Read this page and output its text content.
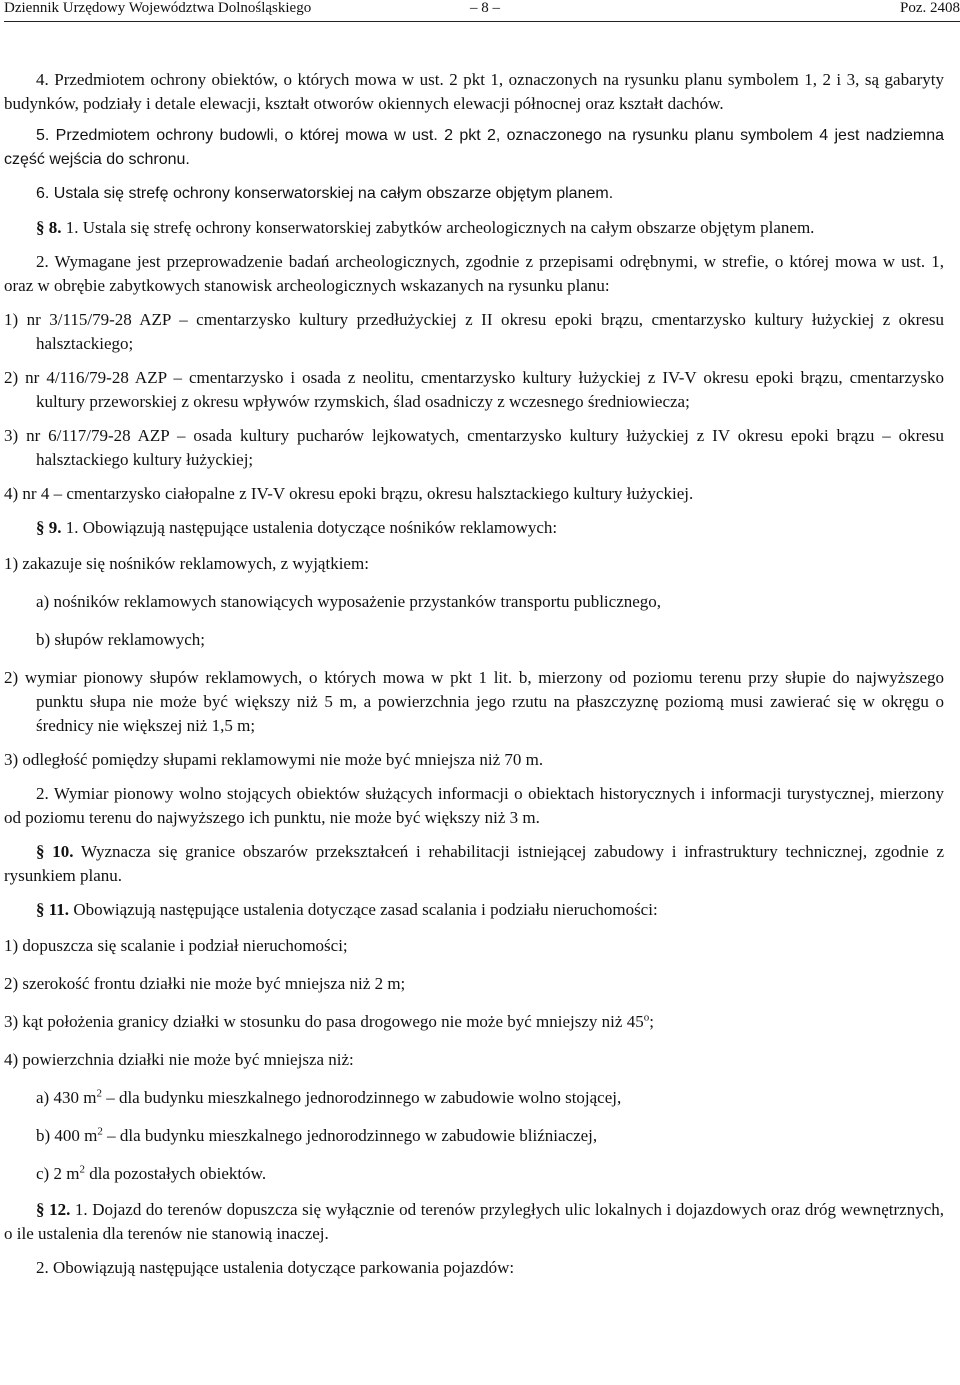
Dziennik Urzędowy Województwa Dolnośląskiego	– 8 –	Poz. 2408

4. Przedmiotem ochrony obiektów, o których mowa w ust. 2 pkt 1, oznaczonych na rysunku planu symbolem 1, 2 i 3, są gabaryty budynków, podziały i detale elewacji, kształt otworów okiennych elewacji północnej oraz kształt dachów.

5. Przedmiotem ochrony budowli, o której mowa w ust. 2 pkt 2, oznaczonego na rysunku planu symbolem 4 jest nadziemna część wejścia do schronu.

6. Ustala się strefę ochrony konserwatorskiej na całym obszarze objętym planem.

§ 8. 1. Ustala się strefę ochrony konserwatorskiej zabytków archeologicznych na całym obszarze objętym planem.

2. Wymagane jest przeprowadzenie badań archeologicznych, zgodnie z przepisami odrębnymi, w strefie, o której mowa w ust. 1, oraz w obrębie zabytkowych stanowisk archeologicznych wskazanych na rysunku planu:

1) nr 3/115/79-28 AZP – cmentarzysko kultury przedłużyckiej z II okresu epoki brązu, cmentarzysko kultury łużyckiej z okresu halsztackiego;

2) nr 4/116/79-28 AZP – cmentarzysko i osada z neolitu, cmentarzysko kultury łużyckiej z IV-V okresu epoki brązu, cmentarzysko kultury przeworskiej z okresu wpływów rzymskich, ślad osadniczy z wczesnego średniowiecza;

3) nr 6/117/79-28 AZP – osada kultury pucharów lejkowatych, cmentarzysko kultury łużyckiej z IV okresu epoki brązu – okresu halsztackiego kultury łużyckiej;

4) nr 4 – cmentarzysko ciałopalne z IV-V okresu epoki brązu, okresu halsztackiego kultury łużyckiej.

§ 9. 1. Obowiązują następujące ustalenia dotyczące nośników reklamowych:

1) zakazuje się nośników reklamowych, z wyjątkiem:

a) nośników reklamowych stanowiących wyposażenie przystanków transportu publicznego,

b) słupów reklamowych;

2) wymiar pionowy słupów reklamowych, o których mowa w pkt 1 lit. b, mierzony od poziomu terenu przy słupie do najwyższego punktu słupa nie może być większy niż 5 m, a powierzchnia jego rzutu na płaszczyznę poziomą musi zawierać się w okręgu o średnicy nie większej niż 1,5 m;

3) odległość pomiędzy słupami reklamowymi nie może być mniejsza niż 70 m.

2. Wymiar pionowy wolno stojących obiektów służących informacji o obiektach historycznych i informacji turystycznej, mierzony od poziomu terenu do najwyższego ich punktu, nie może być większy niż 3 m.

§ 10. Wyznacza się granice obszarów przekształceń i rehabilitacji istniejącej zabudowy i infrastruktury technicznej, zgodnie z rysunkiem planu.

§ 11. Obowiązują następujące ustalenia dotyczące zasad scalania i podziału nieruchomości:

1) dopuszcza się scalanie i podział nieruchomości;

2) szerokość frontu działki nie może być mniejsza niż 2 m;

3) kąt położenia granicy działki w stosunku do pasa drogowego nie może być mniejszy niż 45$^o$;

4) powierzchnia działki nie może być mniejsza niż:

a) 430 $m^2$ – dla budynku mieszkalnego jednorodzinnego w zabudowie wolno stojącej,

b) 400 $m^2$ – dla budynku mieszkalnego jednorodzinnego w zabudowie bliźniaczej,

c) 2 $m^2$ dla pozostałych obiektów.

§ 12. 1. Dojazd do terenów dopuszcza się wyłącznie od terenów przyległych ulic lokalnych i dojazdowych oraz dróg wewnętrznych, o ile ustalenia dla terenów nie stanowią inaczej.

2. Obowiązują następujące ustalenia dotyczące parkowania pojazdów:
